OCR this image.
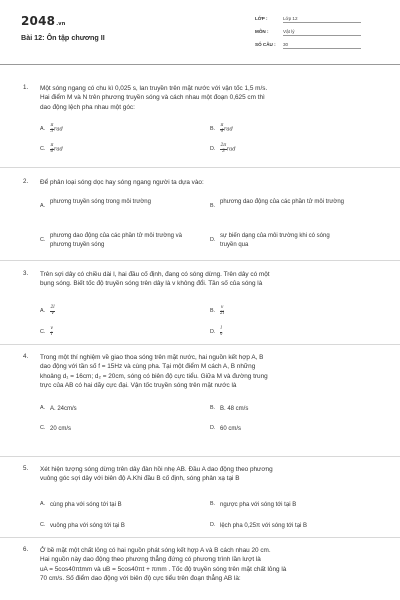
2048.vn
Bài 12: Ôn tập chương II
LỚP :	Lớp 12
MÔN :	Vật lý
SỐ CÂU : 30
1. Một sóng ngang có chu kì 0,025 s, lan truyền trên mặt nước với vận tốc 1,5 m/s.
Hai điểm M và N trên phương truyền sóng và cách nhau một đoạn 0,625 cm thì
dao động lệch pha nhau một góc:
A. $\frac{\pi}{3}$ rad	B. $\frac{\pi}{4}$ rad
C. $\frac{\pi}{6}$ rad	D. $\frac{2\pi}{3}$ rad
2. Để phân loại sóng dọc hay sóng ngang người ta dựa vào:
A.
phương truyền sóng trong môi trường
B.
phương dao động của các phần tử môi trường
C.
phương dao động của các phần tử môi trường và phương truyền sóng
D.
sự biến dạng của môi trường khi có sóng truyền qua
3. Trên sợi dây có chiều dài l, hai đầu cố định, đang có sóng dừng. Trên dây có một
bụng sóng. Biết tốc độ truyền sóng trên dây là v không đổi. Tần số của sóng là
A. $\frac{2l}{v}$	B. $\frac{v}{2l}$
C. $\frac{v}{l}$	D. $\frac{l}{v}$
4. Trong một thí nghiệm về giao thoa sóng trên mặt nước, hai nguồn kết hợp A, B
dao động với tần số f = 15Hz và cùng pha. Tại một điểm M cách A, B những
khoảng d₁ = 16cm; d₂ = 20cm, sóng có biên độ cực tiểu. Giữa M và đường trung
trực của AB có hai dãy cực đại. Vận tốc truyền sóng trên mặt nước là
A. A. 24cm/s	B. B. 48 cm/s
C. 20 cm/s	D. 60 cm/s
5. Xét hiện tượng sóng dừng trên dây đàn hồi nhẹ AB. Đầu A dao động theo phương
vuông góc sợi dây với biên độ A.Khi đầu B cố định, sóng phản xạ tại B
A. cùng pha với sóng tới tại B	B. ngược pha với sóng tới tại B
C. vuông pha với sóng tới tại B	D. lệch pha 0,25π với sóng tới tại B
6. Ở bề mặt một chất lỏng có hai nguồn phát sóng kết hợp A và B cách nhau 20 cm.
Hai nguồn này dao động theo phương thẳng đứng có phương trình lần lượt là
uA = 5cos40πtmm và uB = 5cos40πt + πmm . Tốc độ truyền sóng trên mặt chất lỏng là
70 cm/s. Số điểm dao động với biên độ cực tiểu trên đoạn thẳng AB là:
